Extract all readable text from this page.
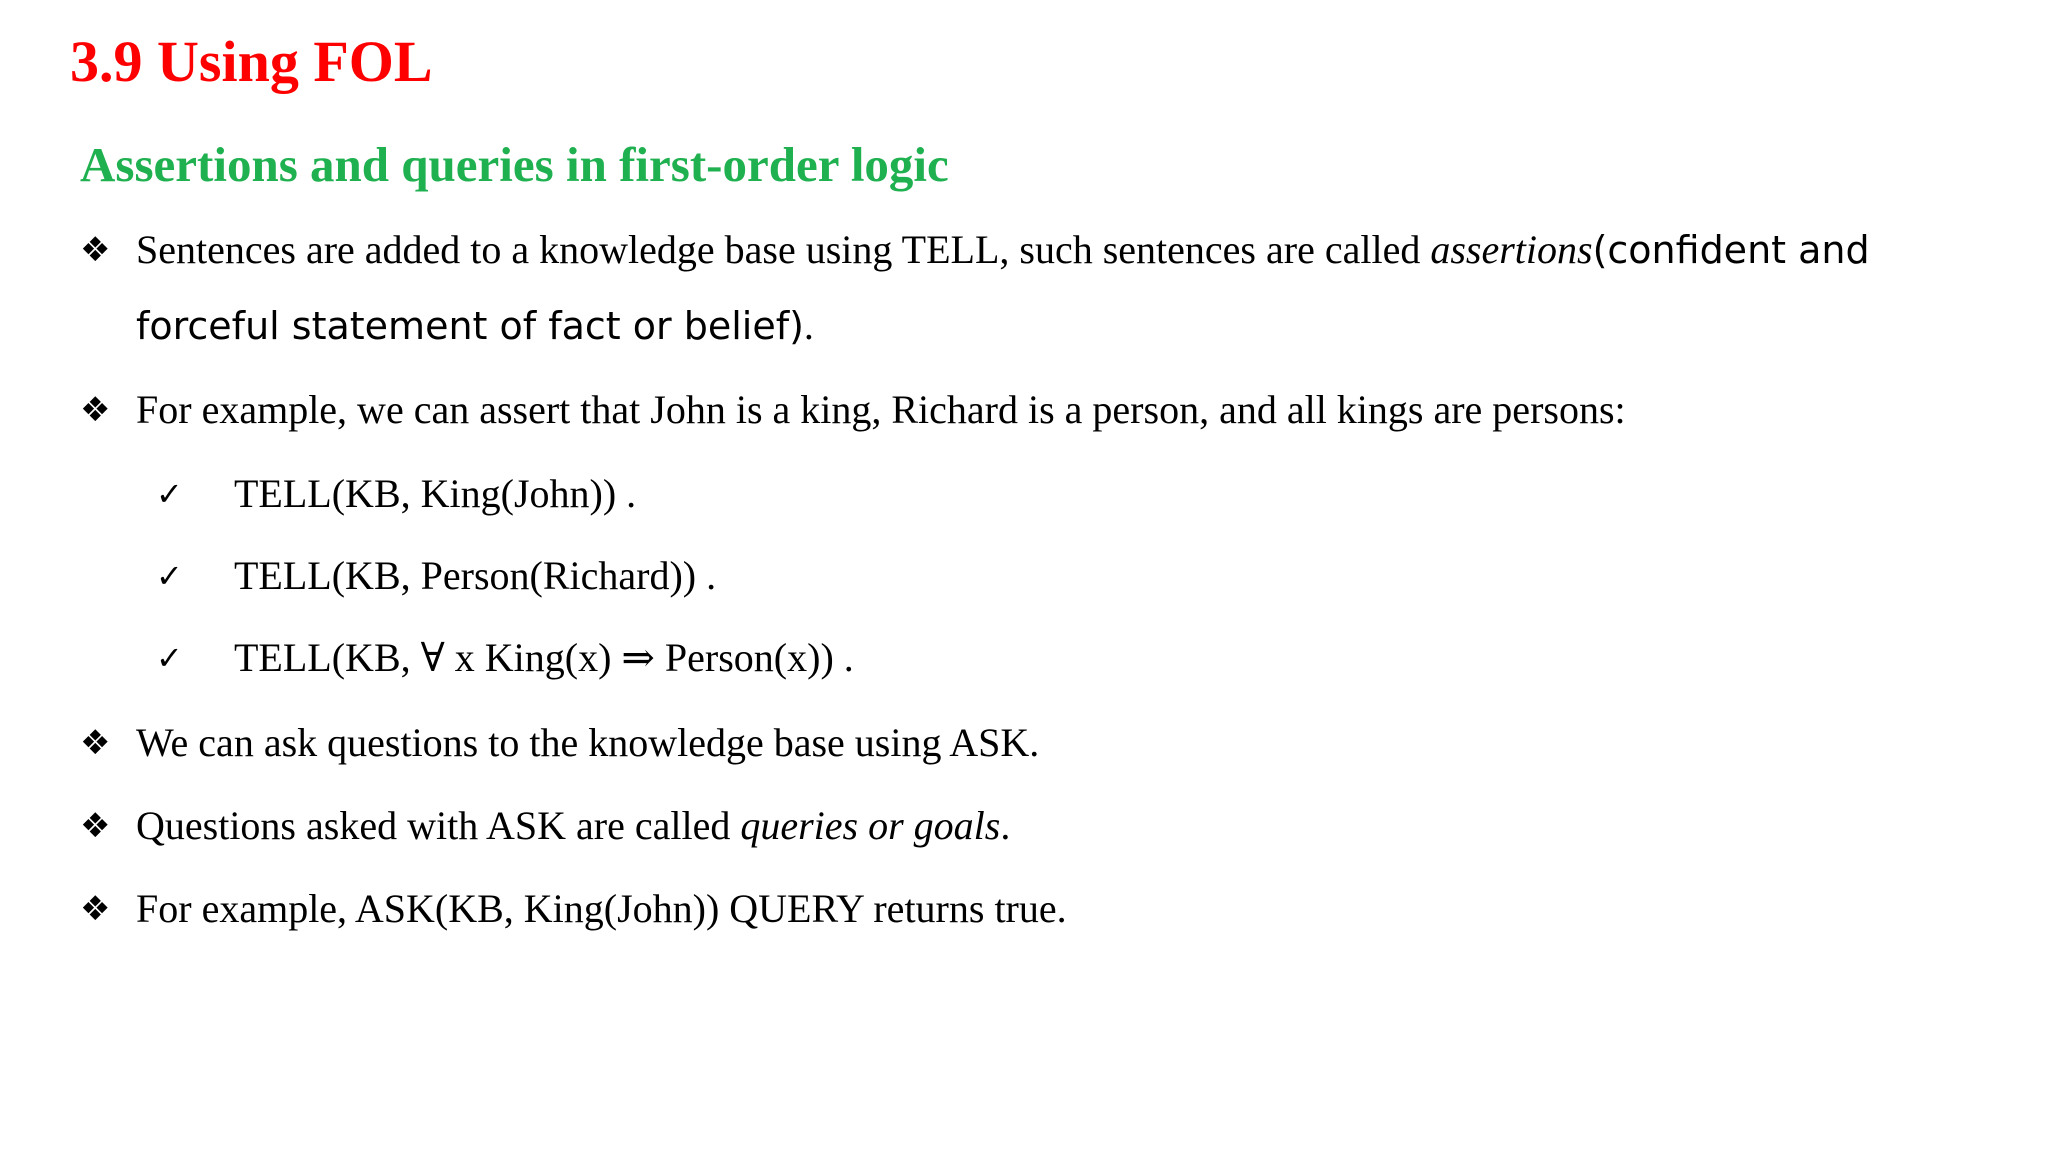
3.9 Using FOL
Assertions and queries in first-order logic
❖ Sentences are added to a knowledge base using TELL, such sentences are called assertions(confident and forceful statement of fact or belief).
❖ For example, we can assert that John is a king, Richard is a person, and all kings are persons:
✓ TELL(KB, King(John)) .
✓ TELL(KB, Person(Richard)) .
✓ TELL(KB, ∀ x King(x) ⇒ Person(x)) .
❖ We can ask questions to the knowledge base using ASK.
❖ Questions asked with ASK are called queries or goals.
❖ For example, ASK(KB, King(John)) QUERY returns true.
